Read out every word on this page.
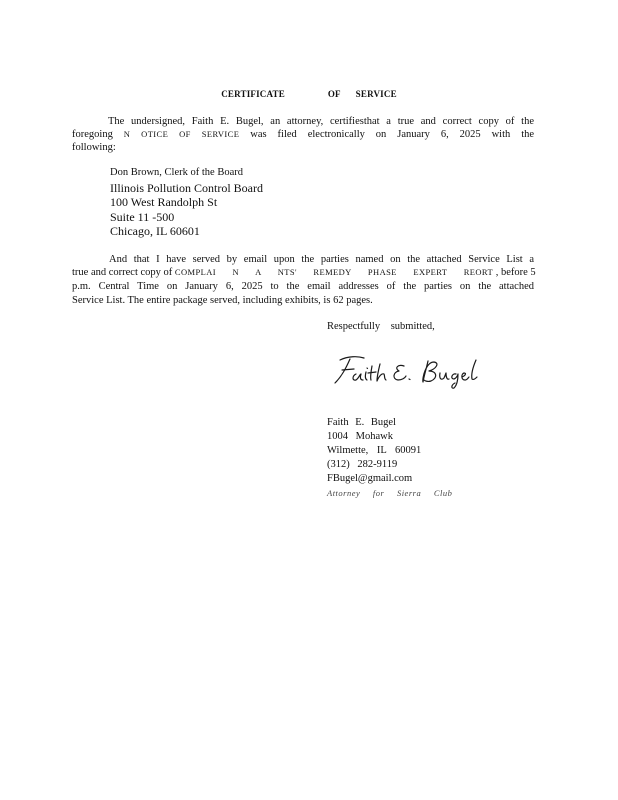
CERTIFICATE	OF SERVICE
The undersigned, Faith E. Bugel, an attorney, certifiesthat a true and correct copy of the
foregoing N OTICE OF SERVICE was filed electronically on January 6, 2025 with the
following:
Don Brown, Clerk of the Board
Illinois Pollution Control Board
100 West Randolph St
Suite 11 -500
Chicago, IL 60601
And that I have served by email upon the parties named on the attached Service List a
true and correct copy of COMPLAI N A NTS' REMEDY PHASE EXPERT REORT , before 5
p.m. Central Time on January 6, 2025 to the email addresses of the parties on the attached
Service List. The entire package served, including exhibits, is 62 pages.
Respectfully submitted,
Faith E. Bugel
1004 Mohawk
Wilmette, IL 60091
(312) 282-9119
FBugel@gmail.com
Attorney for Sierra Club
